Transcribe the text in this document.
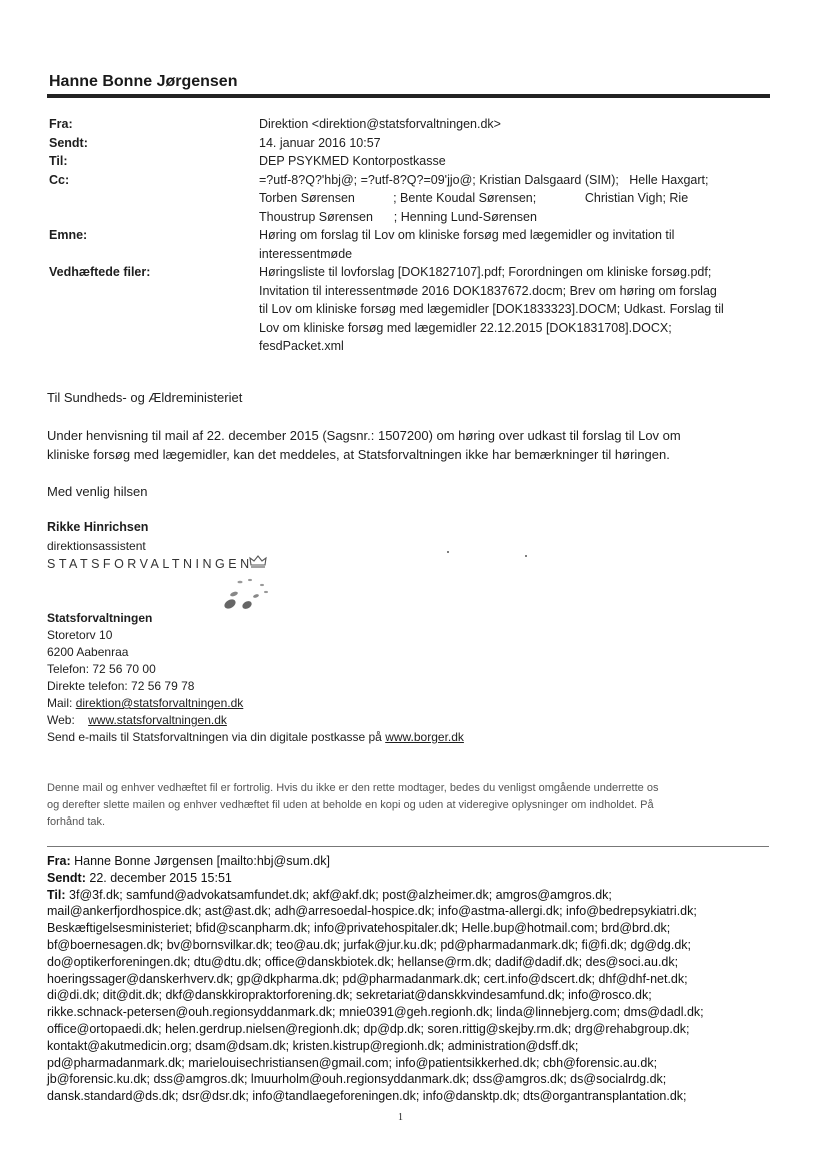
Hanne Bonne Jørgensen
Fra:	Direktion <direktion@statsforvaltningen.dk>
Sendt:	14. januar 2016 10:57
Til:	DEP PSYKMED Kontorpostkasse
Cc:	=?utf-8?Q?'hbj@; =?utf-8?Q?=09'jjo@; Kristian Dalsgaard (SIM);   Helle Haxgart;
Torben Sørensen           ; Bente Koudal Sørensen;              Christian Vigh; Rie
Thoustrup Sørensen      ; Henning Lund-Sørensen
Emne:	Høring om forslag til Lov om kliniske forsøg med lægemidler og invitation til
interessentmøde
Vedhæftede filer:	Høringsliste til lovforslag [DOK1827107].pdf; Forordningen om kliniske forsøg.pdf;
Invitation til interessentmøde 2016 DOK1837672.docm; Brev om høring om forslag
til Lov om kliniske forsøg med lægemidler [DOK1833323].DOCM; Udkast. Forslag til
Lov om kliniske forsøg med lægemidler 22.12.2015 [DOK1831708].DOCX;
fesdPacket.xml
Til Sundheds- og Ældreministeriet
Under henvisning til mail af 22. december 2015 (Sagsnr.: 1507200) om høring over udkast til forslag til Lov om
kliniske forsøg med lægemidler, kan det meddeles, at Statsforvaltningen ikke har bemærkninger til høringen.
Med venlig hilsen
Rikke Hinrichsen
direktionsassistent
STATSFORVALTNINGEN
Statsforvaltningen
Storetorv 10
6200 Aabenraa
Telefon: 72 56 70 00
Direkte telefon: 72 56 79 78
Mail: direktion@statsforvaltningen.dk
Web: www.statsforvaltningen.dk
Send e-mails til Statsforvaltningen via din digitale postkasse på www.borger.dk
Denne mail og enhver vedhæftet fil er fortrolig. Hvis du ikke er den rette modtager, bedes du venligst omgående underrette os
og derefter slette mailen og enhver vedhæftet fil uden at beholde en kopi og uden at videregive oplysninger om indholdet. På
forhånd tak.
Fra: Hanne Bonne Jørgensen [mailto:hbj@sum.dk]
Sendt: 22. december 2015 15:51
Til: 3f@3f.dk; samfund@advokatsamfundet.dk; akf@akf.dk; post@alzheimer.dk; amgros@amgros.dk;
mail@ankerfjordhospice.dk; ast@ast.dk; adh@arresoedal-hospice.dk; info@astma-allergi.dk; info@bedrepsykiatri.dk;
Beskæftigelsesministeriet; bfid@scanpharm.dk; info@privatehospitaler.dk; Helle.bup@hotmail.com; brd@brd.dk;
bf@boernesagen.dk; bv@bornsvilkar.dk; teo@au.dk; jurfak@jur.ku.dk; pd@pharmadanmark.dk; fi@fi.dk; dg@dg.dk;
do@optikerforeningen.dk; dtu@dtu.dk; office@danskbiotek.dk; hellanse@rm.dk; dadif@dadif.dk; des@soci.au.dk;
hoeringssager@danskerhverv.dk; gp@dkpharma.dk; pd@pharmadanmark.dk; cert.info@dscert.dk; dhf@dhf-net.dk;
di@di.dk; dit@dit.dk; dkf@danskkiropraktorforening.dk; sekretariat@danskkvindesamfund.dk; info@rosco.dk;
rikke.schnack-petersen@ouh.regionsyddanmark.dk; mnie0391@geh.regionh.dk; linda@linnebjerg.com; dms@dadl.dk;
office@ortopaedi.dk; helen.gerdrup.nielsen@regionh.dk; dp@dp.dk; soren.rittig@skejby.rm.dk; drg@rehabgroup.dk;
kontakt@akutmedicin.org; dsam@dsam.dk; kristen.kistrup@regionh.dk; administration@dsff.dk;
pd@pharmadanmark.dk; marielouisechristiansen@gmail.com; info@patientsikkerhed.dk; cbh@forensic.au.dk;
jb@forensic.ku.dk; dss@amgros.dk; lmuurholm@ouh.regionsyddanmark.dk; dss@amgros.dk; ds@socialrdg.dk;
dansk.standard@ds.dk; dsr@dsr.dk; info@tandlaegeforeningen.dk; info@dansktp.dk; dts@organtransplantation.dk;
1
